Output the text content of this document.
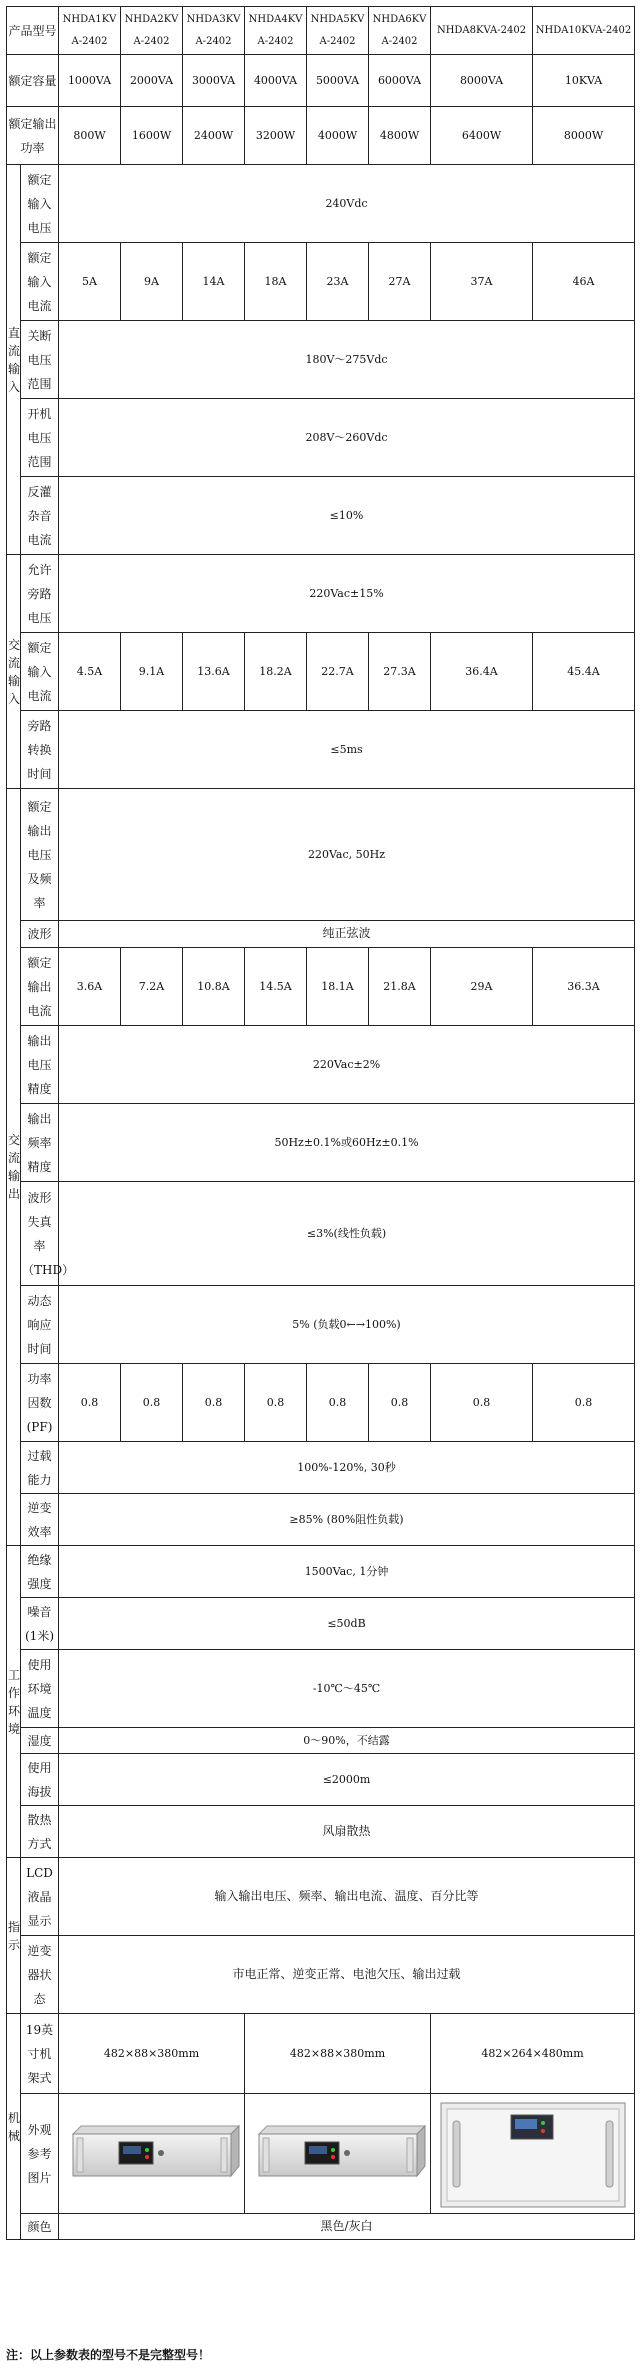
产品型号		NHDA1KVA-2402	NHDA2KVA-2402	NHDA3KVA-2402	NHDA4KVA-2402	NHDA5KVA-2402	NHDA6KVA-2402	NHDA8KVA-2402	NHDA10KVA-2402
额定容量		1000VA	2000VA	3000VA	4000VA	5000VA	6000VA	8000VA	10KVA
额定输出功率		800W	1600W	2400W	3200W	4000W	4800W	6400W	8000W
直流输入	额定输入电压	240Vdc							
	额定输入电流	5A	9A	14A	18A	23A	27A	37A	46A
	关断电压范围	180V～275Vdc							
	开机电压范围	208V～260Vdc							
	反灌杂音电流	≤10%							
交流输入	允许旁路电压	220Vac±15%							
	额定输入电流	4.5A	9.1A	13.6A	18.2A	22.7A	27.3A	36.4A	45.4A
	旁路转换时间	≤5ms							
交流输出	额定输出电压及频率	220Vac, 50Hz							
	波形	纯正弦波							
	额定输出电流	3.6A	7.2A	10.8A	14.5A	18.1A	21.8A	29A	36.3A
	输出电压精度	220Vac±2%							
	输出频率精度	50Hz±0.1%或60Hz±0.1%							
	波形失真率（THD）	≤3%(线性负载)							
	动态响应时间	5% (负载0←→100%)							
	功率因数(PF)	0.8	0.8	0.8	0.8	0.8	0.8	0.8	0.8
	过载能力	100%-120%, 30秒							
	逆变效率	≥85% (80%阻性负载)							
工作环境	绝缘强度	1500Vac, 1分钟							
	噪音(1米)	≤50dB							
	使用环境温度	-10℃～45℃							
	湿度	0～90%，不结露							
	使用海拔	≤2000m							
	散热方式	风扇散热							
指示	LCD液晶显示	输入输出电压、频率、输出电流、温度、百分比等							
	逆变器状态	市电正常、逆变正常、电池欠压、输出过载							
机械	19英寸机架式	482×88×380mm			482×88×380mm			482×264×480mm	
	外观参考图片	

	颜色	黑色/灰白							
注：以上参数表的型号不是完整型号！
